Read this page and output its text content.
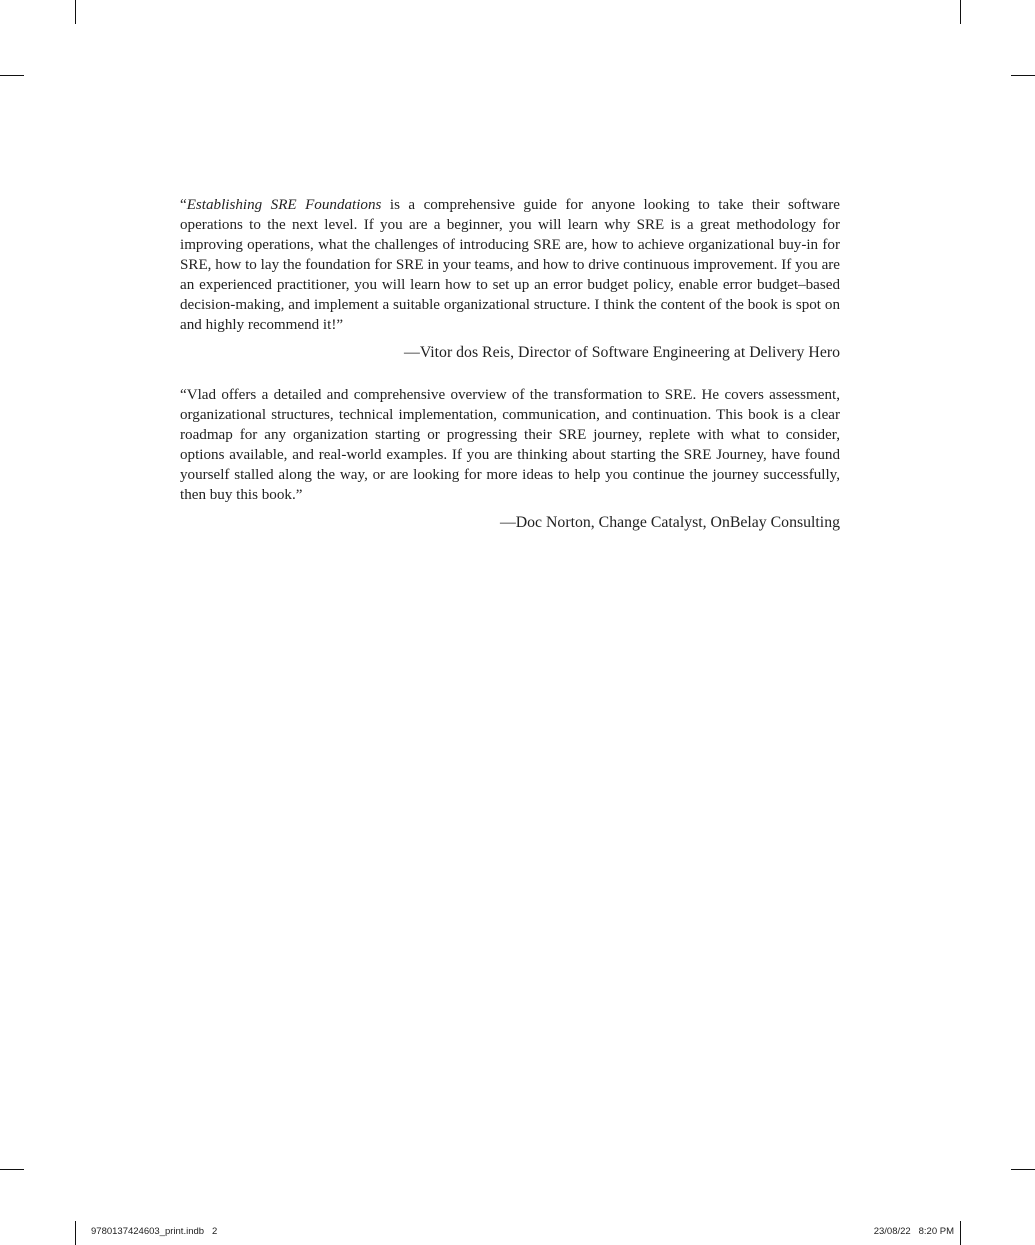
“Establishing SRE Foundations is a comprehensive guide for anyone looking to take their software operations to the next level. If you are a beginner, you will learn why SRE is a great methodology for improving operations, what the challenges of introducing SRE are, how to achieve organizational buy-in for SRE, how to lay the foundation for SRE in your teams, and how to drive continuous improvement. If you are an experienced practitioner, you will learn how to set up an error budget policy, enable error budget–based decision-making, and implement a suitable organizational structure. I think the content of the book is spot on and highly recommend it!”

—Vitor dos Reis, Director of Software Engineering at Delivery Hero

“Vlad offers a detailed and comprehensive overview of the transformation to SRE. He covers assessment, organizational structures, technical implementation, communication, and continuation. This book is a clear roadmap for any organization starting or progressing their SRE journey, replete with what to consider, options available, and real-world examples. If you are thinking about starting the SRE Journey, have found yourself stalled along the way, or are looking for more ideas to help you continue the journey successfully, then buy this book.”

—Doc Norton, Change Catalyst, OnBelay Consulting

9780137424603_print.indb   2	23/08/22   8:20 PM
